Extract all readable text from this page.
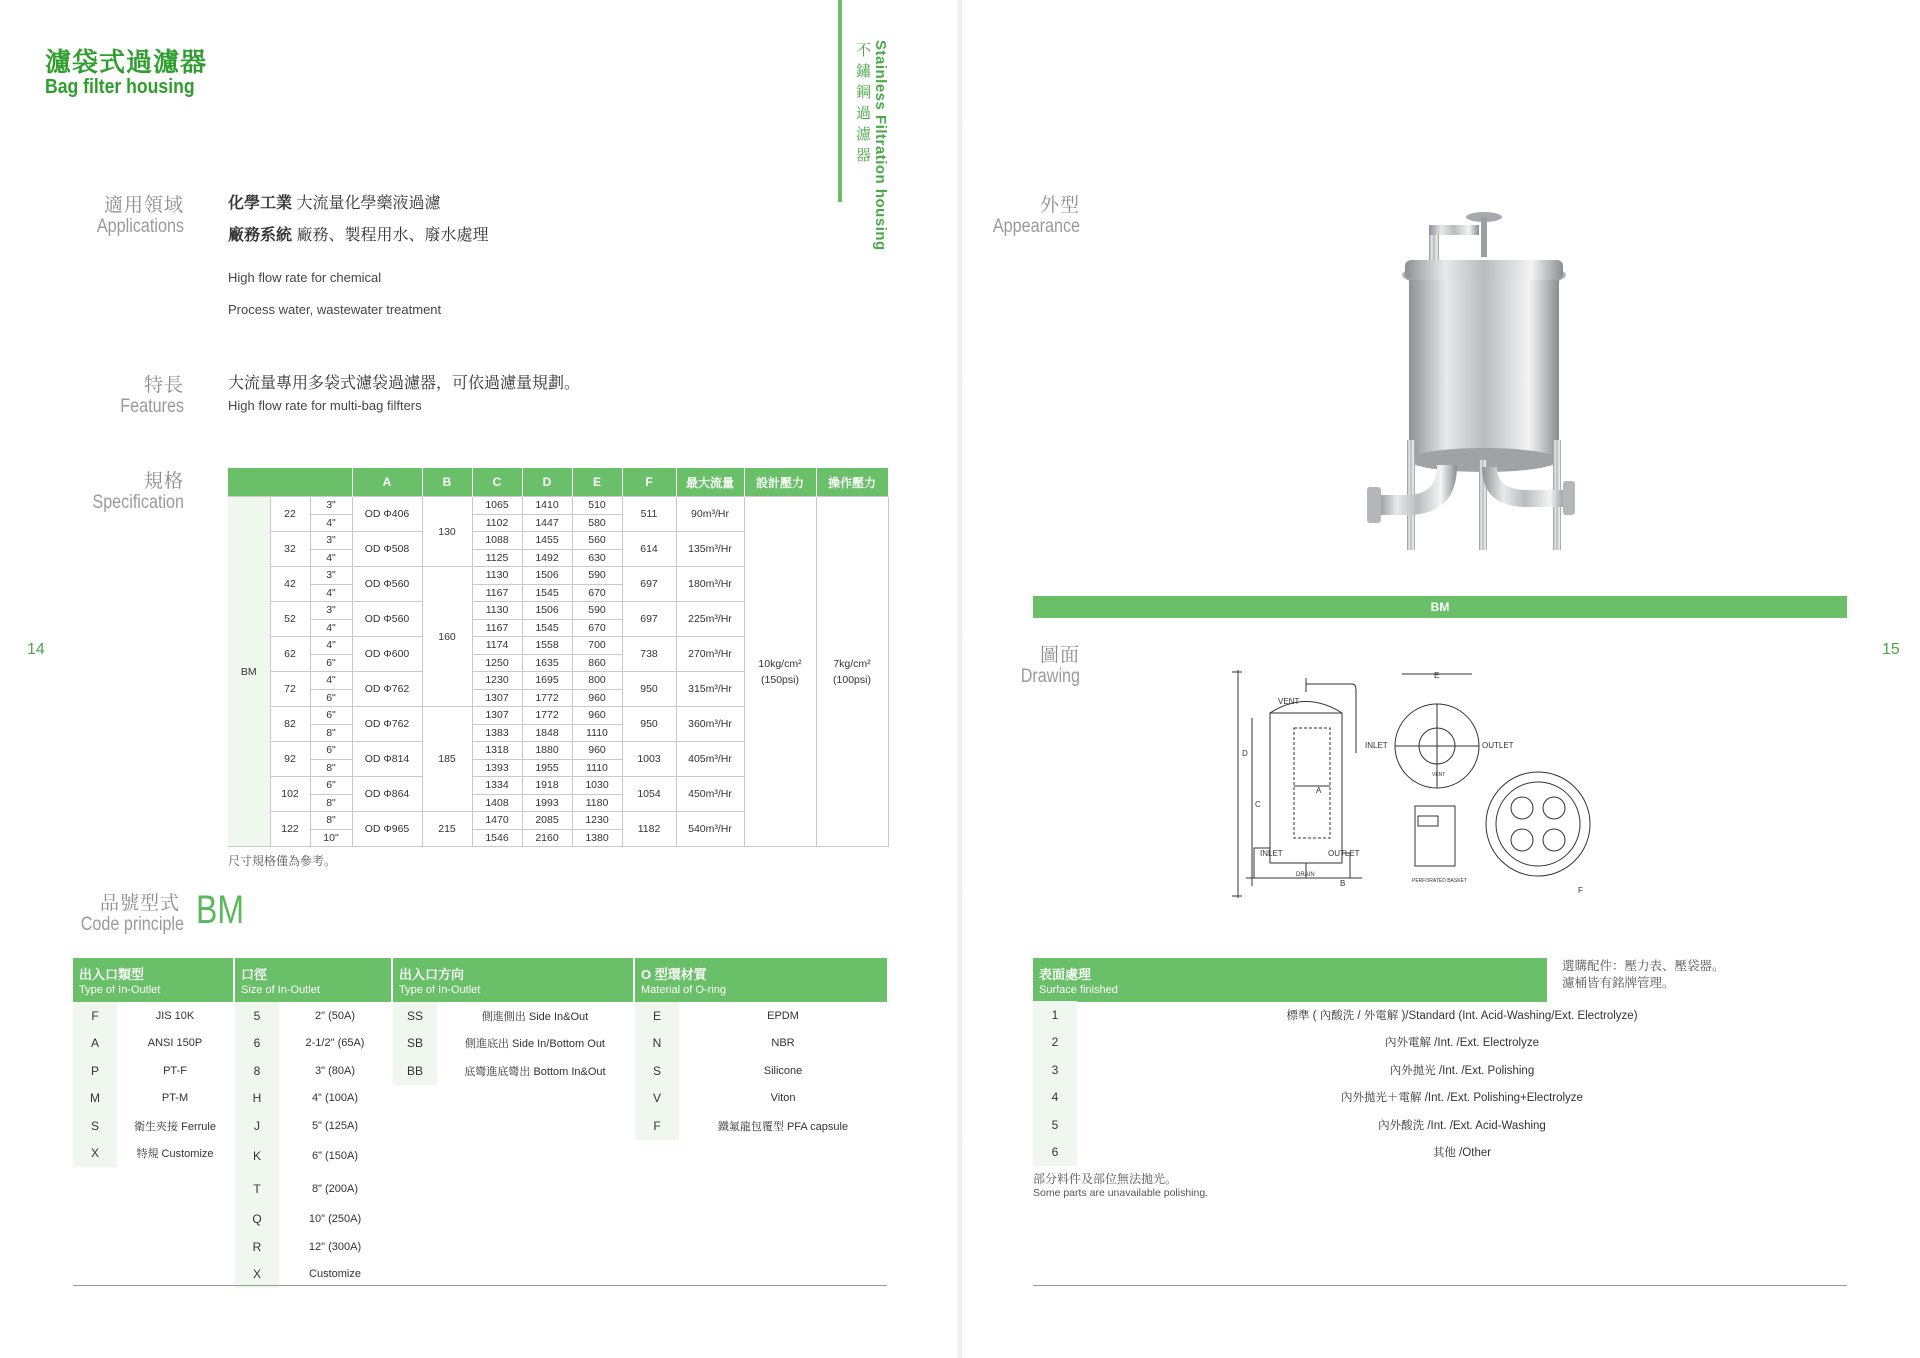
濾袋式過濾器
Bag filter housing	不鏽鋼過濾器 Stainless Filtration housing
14
適用領域
Applications
化學工業 大流量化學藥液過濾
廠務系統 廠務、製程用水、廢水處理
High flow rate for chemical
Process water, wastewater treatment
特長
Features
大流量專用多袋式濾袋過濾器，可依過濾量規劃。
High flow rate for multi-bag filfters
規格
Specification
			A	B	C	D	E	F	最大流量	設計壓力	操作壓力
BM	22	3"	OD Φ406	130	1065	1410	510	511	90m³/Hr	10kg/cm² (150psi)	7kg/cm² (100psi)
		4"			1102	1447	580				
	32	3"	OD Φ508		1088	1455	560	614	135m³/Hr		
		4"			1125	1492	630				
	42	3"	OD Φ560	160	1130	1506	590	697	180m³/Hr		
		4"			1167	1545	670				
	52	3"	OD Φ560		1130	1506	590	697	225m³/Hr		
		4"			1167	1545	670				
	62	4"	OD Φ600		1174	1558	700	738	270m³/Hr		
		6"			1250	1635	860				
	72	4"	OD Φ762		1230	1695	800	950	315m³/Hr		
		6"			1307	1772	960				
	82	6"	OD Φ762	185	1307	1772	960	950	360m³/Hr		
		8"			1383	1848	1110				
	92	6"	OD Φ814		1318	1880	960	1003	405m³/Hr		
		8"			1393	1955	1110				
	102	6"	OD Φ864		1334	1918	1030	1054	450m³/Hr		
		8"			1408	1993	1180				
	122	8"	OD Φ965	215	1470	2085	1230	1182	540m³/Hr		
		10"			1546	2160	1380				
尺寸規格僅為參考。
品號型式
Code principle BM
出入口類型
Type of In-Outlet
F	JIS 10K
A	ANSI 150P
P	PT-F
M	PT-M
S	衛生夾接 Ferrule
X	特規 Customize
口徑
Size of In-Outlet
5	2" (50A)
6	2-1/2" (65A)
8	3" (80A)
H	4" (100A)
J	5" (125A)
K	6" (150A)
T	8" (200A)
Q	10" (250A)
R	12" (300A)
X	Customize
出入口方向
Type of In-Outlet
SS	側進側出 Side In&Out
SB	側進底出 Side In/Bottom Out
BB	底彎進底彎出 Bottom In&Out
O 型環材質
Material of O-ring
E	EPDM
N	NBR
S	Silicone
V	Viton
F	鐵氟龍包覆型 PFA capsule
15
外型
Appearance
BM
圖面
Drawing
VENT
D
C
A
INLET	OUTLET
DRAIN
B
E
INLET	OUTLET
VENT
PERFORATED BASKET
F
表面處理
Surface finished
1	標準 ( 內酸洗 / 外電解 )/Standard (Int. Acid-Washing/Ext. Electrolyze)
2	內外電解 /Int. /Ext. Electrolyze
3	內外拋光 /Int. /Ext. Polishing
4	內外拋光＋電解 /Int. /Ext. Polishing+Electrolyze
5	內外酸洗 /Int. /Ext. Acid-Washing
6	其他 /Other
部分料件及部位無法拋光。
Some parts are unavailable polishing.
選購配件：壓力表、壓袋器。
濾桶皆有銘牌管理。
